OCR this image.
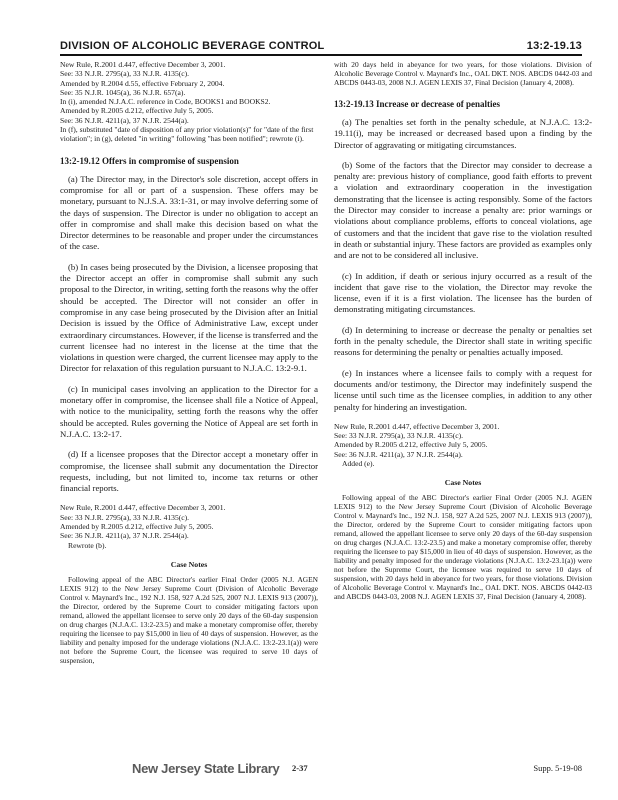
DIVISION OF ALCOHOLIC BEVERAGE CONTROL	13:2-19.13

New Rule, R.2001 d.447, effective December 3, 2001.

See: 33 N.J.R. 2795(a), 33 N.J.R. 4135(c).

Amended by R.2004 d.55, effective February 2, 2004.

See: 35 N.J.R. 1045(a), 36 N.J.R. 657(a).

In (i), amended N.J.A.C. reference in Code, BOOKS1 and BOOKS2.

Amended by R.2005 d.212, effective July 5, 2005.

See: 36 N.J.R. 4211(a), 37 N.J.R. 2544(a).

In (f), substituted "date of disposition of any prior violation(s)" for "date of the first violation"; in (g), deleted "in writing" following "has been notified"; rewrote (i).

13:2-19.12 Offers in compromise of suspension

(a) The Director may, in the Director's sole discretion, accept offers in compromise for all or part of a suspension. These offers may be monetary, pursuant to N.J.S.A. 33:1-31, or may involve deferring some of the days of suspension. The Director is under no obligation to accept an offer in compromise and shall make this decision based on what the Director determines to be reasonable and proper under the circumstances of the case.

(b) In cases being prosecuted by the Division, a licensee proposing that the Director accept an offer in compromise shall submit any such proposal to the Director, in writing, setting forth the reasons why the offer should be accepted. The Director will not consider an offer in compromise in any case being prosecuted by the Division after an Initial Decision is issued by the Office of Administrative Law, except under extraordinary circumstances. However, if the license is transferred and the current licensee had no interest in the license at the time that the violations in question were charged, the current licensee may apply to the Director for relaxation of this regulation pursuant to N.J.A.C. 13:2-9.1.

(c) In municipal cases involving an application to the Director for a monetary offer in compromise, the licensee shall file a Notice of Appeal, with notice to the municipality, setting forth the reasons why the offer should be accepted. Rules governing the Notice of Appeal are set forth in N.J.A.C. 13:2-17.

(d) If a licensee proposes that the Director accept a monetary offer in compromise, the licensee shall submit any documentation the Director requests, including, but not limited to, income tax returns or other financial reports.

New Rule, R.2001 d.447, effective December 3, 2001.

See: 33 N.J.R. 2795(a), 33 N.J.R. 4135(c).

Amended by R.2005 d.212, effective July 5, 2005.

See: 36 N.J.R. 4211(a), 37 N.J.R. 2544(a).

Rewrote (b).

Case Notes

Following appeal of the ABC Director's earlier Final Order (2005 N.J. AGEN LEXIS 912) to the New Jersey Supreme Court (Division of Alcoholic Beverage Control v. Maynard's Inc., 192 N.J. 158, 927 A.2d 525, 2007 N.J. LEXIS 913 (2007)), the Director, ordered by the Supreme Court to consider mitigating factors upon remand, allowed the appellant licensee to serve only 20 days of the 60-day suspension on drug charges (N.J.A.C. 13:2-23.5) and make a monetary compromise offer, thereby requiring the licensee to pay $15,000 in lieu of 40 days of suspension. However, as the liability and penalty imposed for the underage violations (N.J.A.C. 13:2-23.1(a)) were not before the Supreme Court, the licensee was required to serve 10 days of suspension,

with 20 days held in abeyance for two years, for those violations. Division of Alcoholic Beverage Control v. Maynard's Inc., OAL DKT. NOS. ABCDS 0442-03 and ABCDS 0443-03, 2008 N.J. AGEN LEXIS 37, Final Decision (January 4, 2008).

13:2-19.13 Increase or decrease of penalties

(a) The penalties set forth in the penalty schedule, at N.J.A.C. 13:2-19.11(i), may be increased or decreased based upon a finding by the Director of aggravating or mitigating circumstances.

(b) Some of the factors that the Director may consider to decrease a penalty are: previous history of compliance, good faith efforts to prevent a violation and extraordinary cooperation in the investigation demonstrating that the licensee is acting responsibly. Some of the factors the Director may consider to increase a penalty are: prior warnings or violations about compliance problems, efforts to conceal violations, age of customers and that the incident that gave rise to the violation resulted in death or substantial injury. These factors are provided as examples only and are not to be considered all inclusive.

(c) In addition, if death or serious injury occurred as a result of the incident that gave rise to the violation, the Director may revoke the license, even if it is a first violation. The licensee has the burden of demonstrating mitigating circumstances.

(d) In determining to increase or decrease the penalty or penalties set forth in the penalty schedule, the Director shall state in writing specific reasons for determining the penalty or penalties actually imposed.

(e) In instances where a licensee fails to comply with a request for documents and/or testimony, the Director may indefinitely suspend the license until such time as the licensee complies, in addition to any other penalty for hindering an investigation.

New Rule, R.2001 d.447, effective December 3, 2001.

See: 33 N.J.R. 2795(a), 33 N.J.R. 4135(c).

Amended by R.2005 d.212, effective July 5, 2005.

See: 36 N.J.R. 4211(a), 37 N.J.R. 2544(a).

Added (e).

Case Notes

Following appeal of the ABC Director's earlier Final Order (2005 N.J. AGEN LEXIS 912) to the New Jersey Supreme Court (Division of Alcoholic Beverage Control v. Maynard's Inc., 192 N.J. 158, 927 A.2d 525, 2007 N.J. LEXIS 913 (2007)), the Director, ordered by the Supreme Court to consider mitigating factors upon remand, allowed the appellant licensee to serve only 20 days of the 60-day suspension on drug charges (N.J.A.C. 13:2-23.5) and make a monetary compromise offer, thereby requiring the licensee to pay $15,000 in lieu of 40 days of suspension. However, as the liability and penalty imposed for the underage violations (N.J.A.C. 13:2-23.1(a)) were not before the Supreme Court, the licensee was required to serve 10 days of suspension, with 20 days held in abeyance for two years, for those violations. Division of Alcoholic Beverage Control v. Maynard's Inc., OAL DKT. NOS. ABCDS 0442-03 and ABCDS 0443-03, 2008 N.J. AGEN LEXIS 37, Final Decision (January 4, 2008).

New Jersey State Library 2-37	Supp. 5-19-08
